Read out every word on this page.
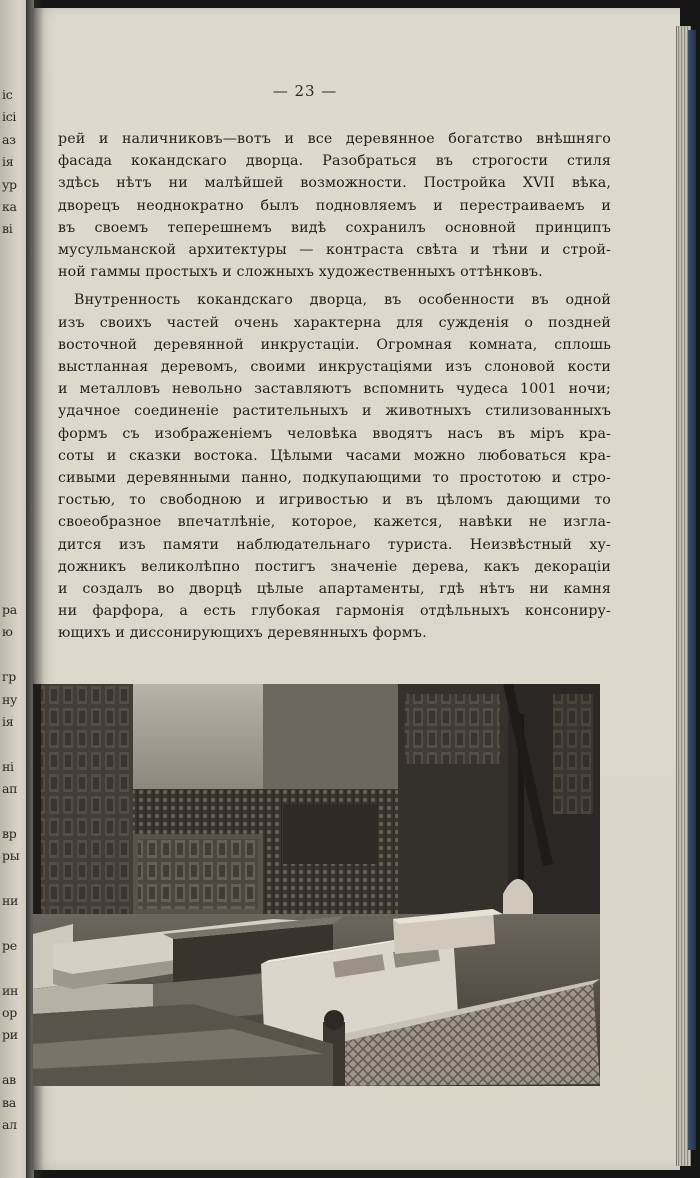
ic
ісі
аз
ія
ур
ка
ві
ра
ю
гр
ну
ія
ні
ап
вр
ры
ни
ре
ин
ор
ри
ав
ва
ал
— 23 —
рей и наличниковъ—вотъ и все деревянное богатство внѣшняго
фасада кокандскаго дворца. Разобраться въ строгости стиля
здѣсь нѣтъ ни малѣйшей возможности. Постройка XVII вѣка,
дворецъ неоднократно былъ подновляемъ и перестраиваемъ и
въ своемъ теперешнемъ видѣ сохранилъ основной принципъ
мусульманской архитектуры — контраста свѣта и тѣни и строй-
ной гаммы простыхъ и сложныхъ художественныхъ оттѣнковъ.
Внутренность кокандскаго дворца, въ особенности въ одной
изъ своихъ частей очень характерна для сужденія о поздней
восточной деревянной инкрустаціи. Огромная комната, сплошь
выстланная деревомъ, своими инкрустаціями изъ слоновой кости
и металловъ невольно заставляютъ вспомнить чудеса 1001 ночи;
удачное соединеніе растительныхъ и животныхъ стилизованныхъ
формъ съ изображеніемъ человѣка вводятъ насъ въ міръ кра-
соты и сказки востока. Цѣлыми часами можно любоваться кра-
сивыми деревянными панно, подкупающими то простотою и стро-
гостью, то свободною и игривостью и въ цѣломъ дающими то
своеобразное впечатлѣніе, которое, кажется, навѣки не изгла-
дится изъ памяти наблюдательнаго туриста. Неизвѣстный ху-
дожникъ великолѣпно постигъ значеніе дерева, какъ декораціи
и создалъ во дворцѣ цѣлые апартаменты, гдѣ нѣтъ ни камня
ни фарфора, а есть глубокая гармонія отдѣльныхъ консониру-
ющихъ и диссонирующихъ деревянныхъ формъ.
